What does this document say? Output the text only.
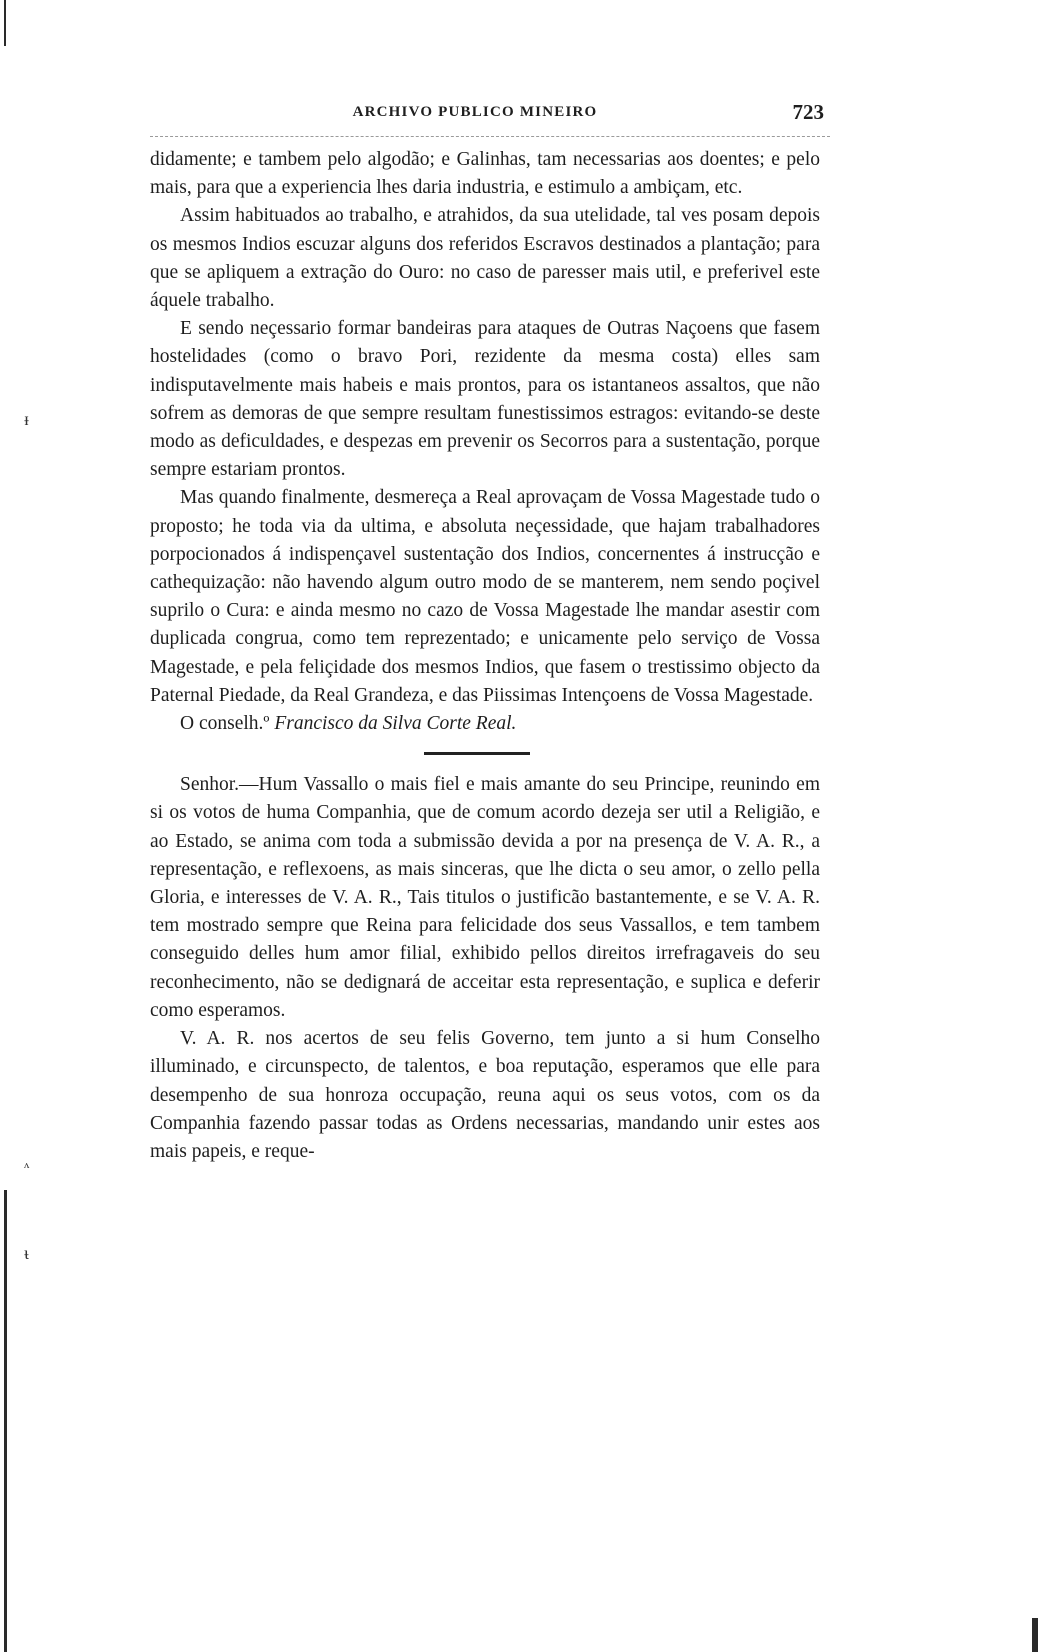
ᵻ
ᶺ
ᵼ
ARCHIVO PUBLICO MINEIRO	723

didamente; e tambem pelo algodão; e Galinhas, tam necessarias aos doentes; e pelo mais, para que a experiencia lhes daria industria, e estimulo a ambiçam, etc.

Assim habituados ao trabalho, e atrahidos, da sua utelidade, tal ves posam depois os mesmos Indios escuzar alguns dos referidos Escravos destinados a plantação; para que se apliquem a extração do Ouro: no caso de paresser mais util, e preferivel este áquele trabalho.

E sendo neçessario formar bandeiras para ataques de Outras Naçoens que fasem hostelidades (como o bravo Pori, rezidente da mesma costa) elles sam indisputavelmente mais habeis e mais prontos, para os istantaneos assaltos, que não sofrem as demoras de que sempre resultam funestissimos estragos: evitando-se deste modo as deficuldades, e despezas em prevenir os Secorros para a sustentação, porque sempre estariam prontos.

Mas quando finalmente, desmereça a Real aprovaçam de Vossa Magestade tudo o proposto; he toda via da ultima, e absoluta neçessidade, que hajam trabalhadores porpocionados á indispençavel sustentação dos Indios, concernentes á instrucção e cathequização: não havendo algum outro modo de se manterem, nem sendo poçivel suprilo o Cura: e ainda mesmo no cazo de Vossa Magestade lhe mandar asestir com duplicada congrua, como tem reprezentado; e unicamente pelo serviço de Vossa Magestade, e pela feliçidade dos mesmos Indios, que fasem o trestissimo objecto da Paternal Piedade, da Real Grandeza, e das Piissimas Intençoens de Vossa Magestade.

O conselh.º Francisco da Silva Corte Real.

Senhor.—Hum Vassallo o mais fiel e mais amante do seu Principe, reunindo em si os votos de huma Companhia, que de comum acordo dezeja ser util a Religião, e ao Estado, se anima com toda a submissão devida a por na presença de V. A. R., a representação, e reflexoens, as mais sinceras, que lhe dicta o seu amor, o zello pella Gloria, e interesses de V. A. R., Tais titulos o justificão bastantemente, e se V. A. R. tem mostrado sempre que Reina para felicidade dos seus Vassallos, e tem tambem conseguido delles hum amor filial, exhibido pellos direitos irrefragaveis do seu reconhecimento, não se dedignará de acceitar esta representação, e suplica e deferir como esperamos.

V. A. R. nos acertos de seu felis Governo, tem junto a si hum Conselho illuminado, e circunspecto, de talentos, e boa reputação, esperamos que elle para desempenho de sua honroza occupação, reuna aqui os seus votos, com os da Companhia fazendo passar todas as Ordens necessarias, mandando unir estes aos mais papeis, e reque-
